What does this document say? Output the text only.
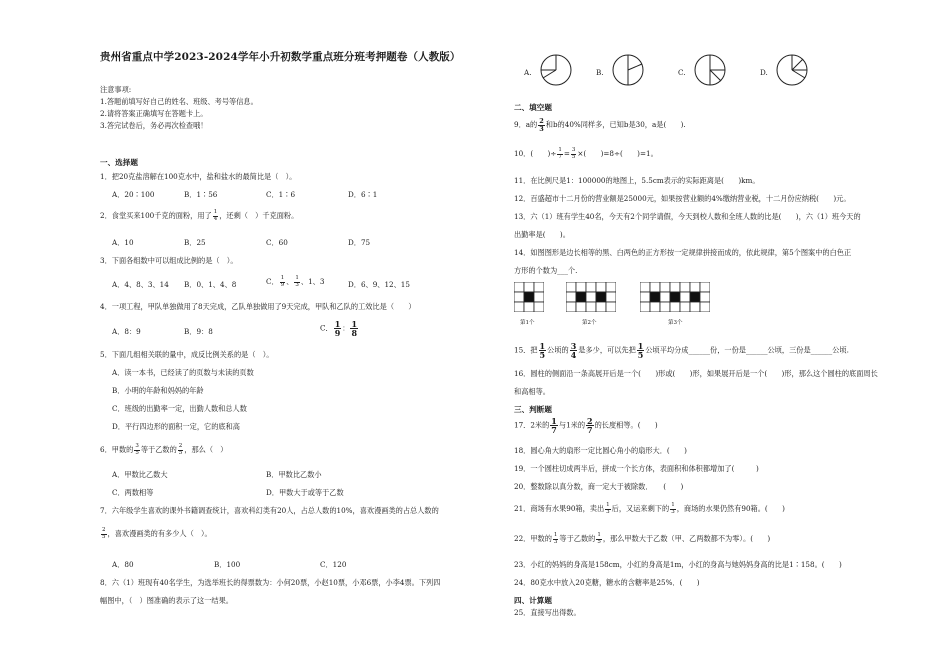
贵州省重点中学2023-2024学年小升初数学重点班分班考押题卷（人教版）
注意事项:
1.答题前填写好自己的姓名、班级、考号等信息。
2.请将答案正确填写在答题卡上。
3.答完试卷后，务必再次检查哦！
一、选择题
1．把20克盐溶解在100克水中，盐和盐水的最简比是（　）。
A．20∶100	B．1∶56	C．1∶6	D．6∶1
2．食堂买来100千克的面粉，用了 $\frac{1}{4}$ ，还剩（　）千克面粉。
A．10	B．25	C．60	D．75
3．下面各组数中可以组成比例的是（　）。
A．4、8、3、14 B．0、1、4、8	C． $\frac{1}{9}$ 、 $\frac{1}{3}$ 、1、3	D．6、9、12、15
4．一项工程，甲队单独做用了8天完成，乙队单独做用了9天完成，甲队和乙队的工效比是（　　）
A．8：9	B．9：8	C． $\frac{1}{9}$ ： $\frac{1}{8}$
5．下面几组相关联的量中，成反比例关系的是（　）。
A．读一本书，已经读了的页数与未读的页数
B．小明的年龄和妈妈的年龄
C．班级的出勤率一定，出勤人数和总人数
D．平行四边形的面积一定，它的底和高
6．甲数的 $\frac{3}{5}$ 等于乙数的 $\frac{2}{5}$ ，那么（　）
A．甲数比乙数大	B．甲数比乙数小
C．两数相等	D．甲数大于或等于乙数
7．六年级学生喜欢的课外书籍调查统计，喜欢科幻类有20人，占总人数的10%，喜欢漫画类的占总人数的
$\frac{2}{5}$ ，喜欢漫画类的有多少人（　）。
A．80	B．100	C．120
8．六（1）班现有40名学生，为选举班长的得票数为：小何20票，小赵10票，小邓6票，小李4票。下列四
幅图中，（　）图准确的表示了这一结果。
A.	B.	C.	D.
二、填空题
9．a的 $\frac{2}{3}$ 和b的40%同样多，已知b是30，a是(　　).
10．(　　)÷ $\frac{1}{7} = \frac{3}{5}$ ×(　　)=8÷(　　)=1。
11．在比例尺是1：100000的地图上，5.5cm表示的实际距离是(　　)km。
12．百盛超市十二月份的营业额是25000元，如果按营业额的4%缴纳营业税，十二月份应纳税(　　)元。
13．六（1）班有学生40名，今天有2个同学请假，今天到校人数和全班人数的比是(　　)，六（1）班今天的
出勤率是(　　)。
14．如图图形是边长相等的黑、白两色的正方形按一定规律拼接而成的，依此规律，第5个图案中的白色正
方形的个数为___个.
第1个	第2个	第3个
15．把 $\frac{1}{5}$ 公顷的 $\frac{3}{4}$ 是多少，可以先把 $\frac{1}{5}$ 公顷平均分成______份，一份是______公顷，三份是______公顷.
16．圆柱的侧面沿一条高展开后是一个(　　)形或(　　)形，如果展开后是一个(　　)形，那么这个圆柱的底面周长
和高相等。
三、判断题
17．2米的 $\frac{1}{7}$ 与1米的 $\frac{2}{7}$ 的长度相等。(　　)
18．圆心角大的扇形一定比圆心角小的扇形大．(　　)
19．一个圆柱切成两半后，拼成一个长方体，表面积和体积都增加了(　　　)
20．整数除以真分数，商一定大于被除数．　　(　　)
21．商场有水果90箱，卖出 $\frac{1}{3}$ 后，又运来剩下的 $\frac{1}{3}$ ，商场的水果仍然有90箱。(　　)
22．甲数的 $\frac{1}{3}$ 等于乙数的 $\frac{1}{5}$ ，那么甲数大于乙数（甲、乙两数都不为零）。(　　)
23．小红的妈妈的身高是158cm，小红的身高是1m，小红的身高与她妈妈身高的比是1∶158。(　　)
24．80克水中放入20克糖，糖水的含糖率是25%．(　　)
四、计算题
25．直接写出得数。
